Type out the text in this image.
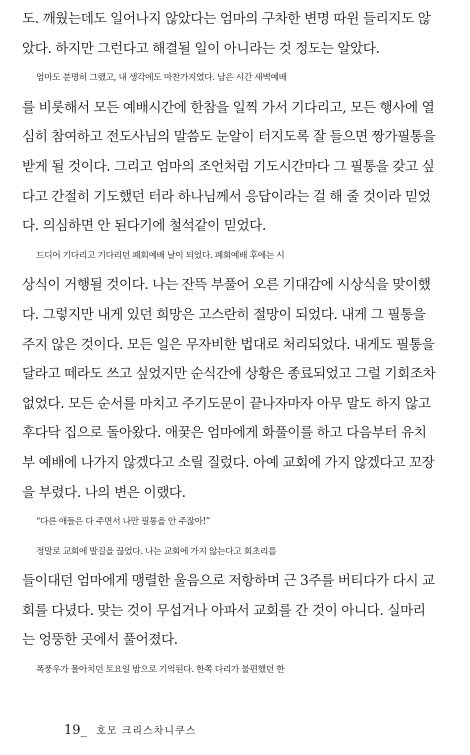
도. 깨웠는데도 일어나지 않았다는 엄마의 구차한 변명 따윈 들리지도 않
았다. 하지만 그런다고 해결될 일이 아니라는 것 정도는 알았다.
엄마도 분명히 그랬고, 내 생각에도 마찬가지였다. 남은 시간 새벽예배
를 비롯해서 모든 예배시간에 한참을 일찍 가서 기다리고, 모든 행사에 열
심히 참여하고 전도사님의 말씀도 눈알이 터지도록 잘 들으면 짱가필통을
받게 될 것이다. 그리고 엄마의 조언처럼 기도시간마다 그 필통을 갖고 싶
다고 간절히 기도했던 터라 하나님께서 응답이라는 걸 해 줄 것이라 믿었
다. 의심하면 안 된다기에 철석같이 믿었다.
드디어 기다리고 기다리던 폐회예배 날이 되었다. 폐회예배 후에는 시
상식이 거행될 것이다. 나는 잔뜩 부풀어 오른 기대감에 시상식을 맞이했
다. 그렇지만 내게 있던 희망은 고스란히 절망이 되었다. 내게 그 필통을
주지 않은 것이다. 모든 일은 무자비한 법대로 처리되었다. 내게도 필통을
달라고 떼라도 쓰고 싶었지만 순식간에 상황은 종료되었고 그럴 기회조차
없었다. 모든 순서를 마치고 주기도문이 끝나자마자 아무 말도 하지 않고
후다닥 집으로 돌아왔다. 애꿎은 엄마에게 화풀이를 하고 다음부터 유치
부 예배에 나가지 않겠다고 소릴 질렀다. 아예 교회에 가지 않겠다고 꼬장
을 부렸다. 나의 변은 이랬다.
“다른 애들은 다 주면서 나만 필통을 안 주잖아!”
정말로 교회에 발길을 끊었다. 나는 교회에 가지 않는다고 회초리를
들이대던 엄마에게 맹렬한 울음으로 저항하며 근 3주를 버티다가 다시 교
회를 다녔다. 맞는 것이 무섭거나 아파서 교회를 간 것이 아니다. 실마리
는 엉뚱한 곳에서 풀어졌다.
폭풍우가 몰아치던 토요일 밤으로 기억된다. 한쪽 다리가 불편했던 한
19_ 호모 크리스차니쿠스
